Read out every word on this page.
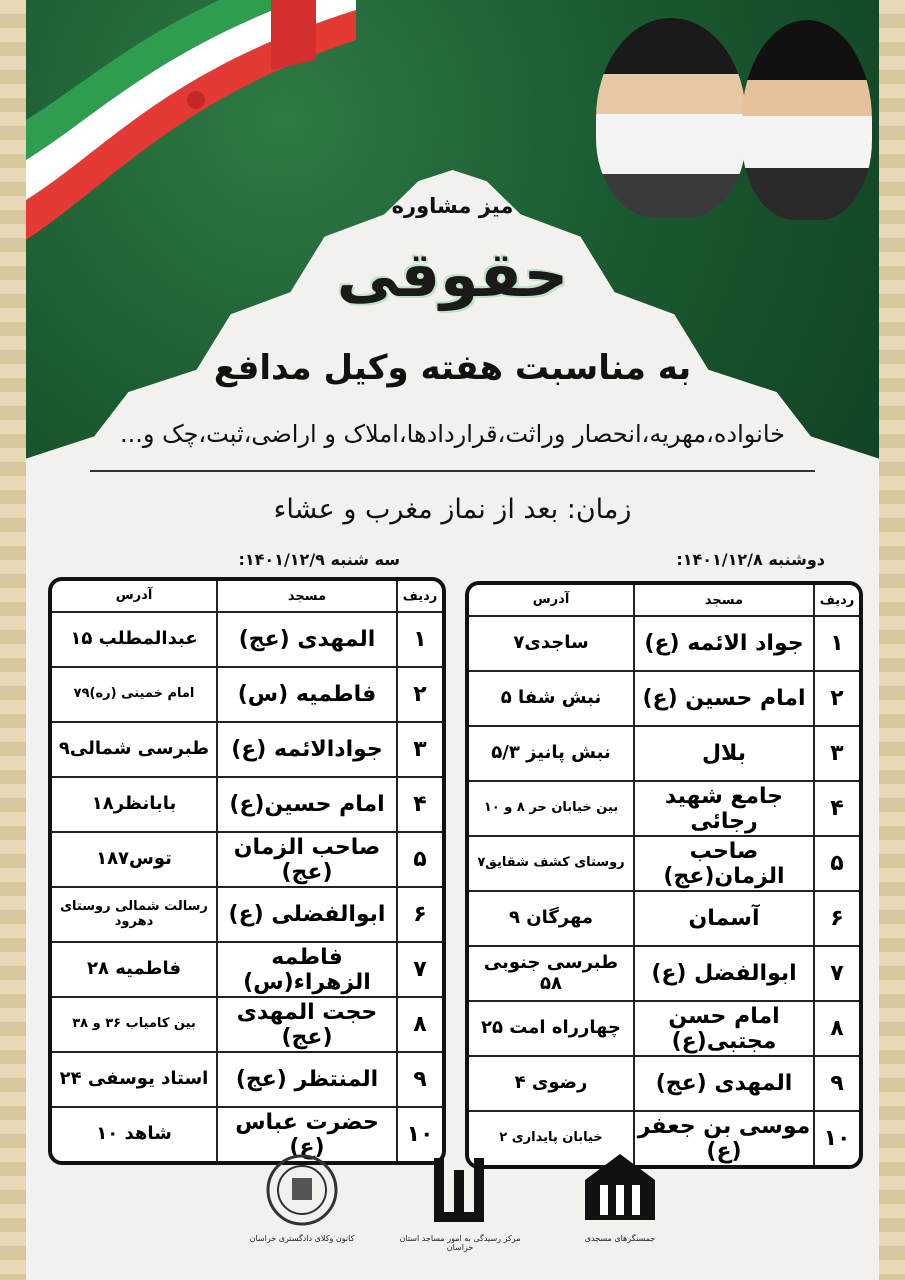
میز مشاوره
حقوقی
به مناسبت هفته وکیل مدافع
خانواده،مهریه،انحصار وراثت،قراردادها،املاک و اراضی،ثبت،چک و...
زمان: بعد از نماز مغرب و عشاء
دوشنبه ۱۴۰۱/۱۲/۸:
سه شنبه ۱۴۰۱/۱۲/۹:
ردیف
مسجد
آدرس
۱
جواد الائمه (ع)
ساجدی۷
۲
امام حسین (ع)
نبش شفا ۵
۳
بلال
نبش پانیز ۵/۳
۴
جامع شهید رجائی
بین خیابان حر ۸ و ۱۰
۵
صاحب الزمان(عج)
روستای کشف شقایق۷
۶
آسمان
مهرگان ۹
۷
ابوالفضل (ع)
طبرسی جنوبی ۵۸
۸
امام حسن مجتبی(ع)
چهارراه امت ۲۵
۹
المهدی (عج)
رضوی ۴
۱۰
موسی بن جعفر (ع)
خیابان پایداری ۲
ردیف
مسجد
آدرس
۱
المهدی (عج)
عبدالمطلب ۱۵
۲
فاطمیه (س)
امام خمینی (ره)۷۹
۳
جوادالائمه (ع)
طبرسی شمالی۹
۴
امام حسین(ع)
بابانظر۱۸
۵
صاحب الزمان (عج)
توس۱۸۷
۶
ابوالفضلی (ع)
رسالت شمالی روستای دهرود
۷
فاطمه الزهراء(س)
فاطمیه ۲۸
۸
حجت المهدی (عج)
بین کامیاب ۳۶ و ۳۸
۹
المنتظر (عج)
استاد یوسفی ۲۴
۱۰
حضرت عباس (ع)
شاهد ۱۰
کانون وکلای دادگستری خراسان	مرکز رسیدگی به امور مساجد استان خراسان
جمسنگرهای مسجدی
